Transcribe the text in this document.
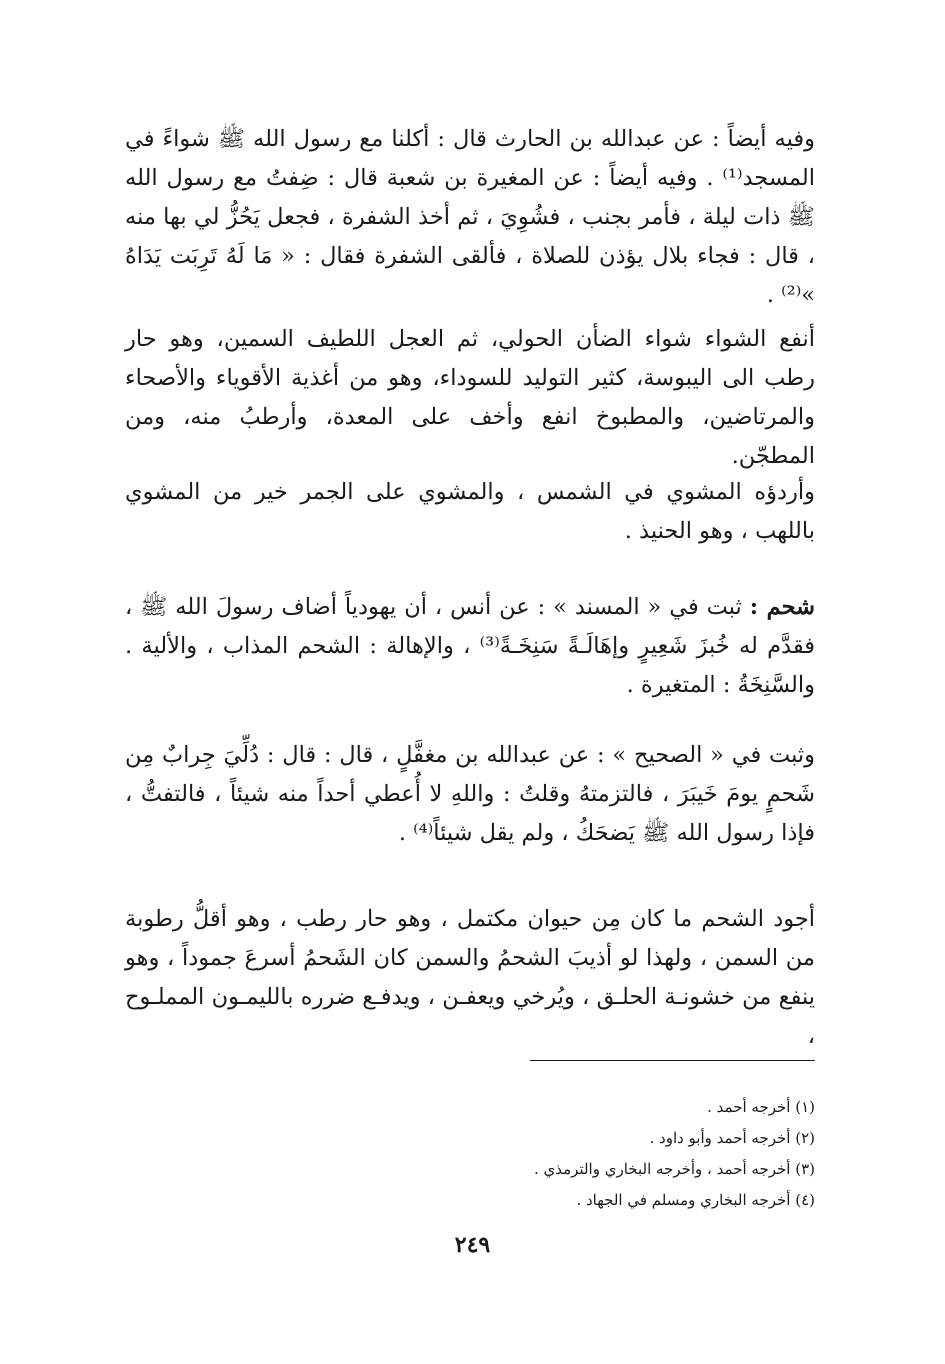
وفيه أيضاً : عن عبدالله بن الحارث قال : أكلنا مع رسول الله ﷺ شواءً في المسجد⁽¹⁾ . وفيه أيضاً : عن المغيرة بن شعبة قال : ضِفتُ مع رسول الله ﷺ ذات ليلة ، فأمر بجنب ، فشُوِيَ ، ثم أخذ الشفرة ، فجعل يَحُزُّ لي بها منه ، قال : فجاء بلال يؤذن للصلاة ، فألقى الشفرة فقال : « مَا لَهُ تَرِبَت يَدَاهُ »⁽²⁾ .

أنفع الشواء شواء الضأن الحولي، ثم العجل اللطيف السمين، وهو حار رطب الى اليبوسة، كثير التوليد للسوداء، وهو من أغذية الأقوياء والأصحاء والمرتاضين، والمطبوخ انفع وأخف على المعدة، وأرطبُ منه، ومن المطجّن.

وأردؤه المشوي في الشمس ، والمشوي على الجمر خير من المشوي باللهب ، وهو الحنيذ .

شحم : ثبت في « المسند » : عن أنس ، أن يهودياً أضاف رسولَ الله ﷺ ، فقدَّم له خُبزَ شَعِيرٍ وإهَالَـةً سَنِخَـةً⁽³⁾ ، والإهالة : الشحم المذاب ، والألية . والسَّنِخَةُ : المتغيرة .

وثبت في « الصحيح » : عن عبدالله بن مغفَّلٍ ، قال : قال : دُلِّيَ جِرابٌ مِن شَحمٍ يومَ خَيبَرَ ، فالتزمتهُ وقلتُ : واللهِ لا أُعطي أحداً منه شيئاً ، فالتفتُّ ، فإذا رسول الله ﷺ يَضحَكُ ، ولم يقل شيئاً⁽⁴⁾ .

أجود الشحم ما كان مِن حيوان مكتمل ، وهو حار رطب ، وهو أقلُّ رطوبة من السمن ، ولهذا لو أذيبَ الشحمُ والسمن كان الشَحمُ أسرعَ جموداً ، وهو ينفع من خشونـة الحلـق ، ويُرخي ويعفـن ، ويدفـع ضرره بالليمـون المملـوح ،

(١) أخرجه أحمد .
(٢) أخرجه أحمد وأبو داود .
(٣) أخرجه أحمد ، وأخرجه البخاري والترمذي .
(٤) أخرجه البخاري ومسلم في الجهاد .
٢٤٩
